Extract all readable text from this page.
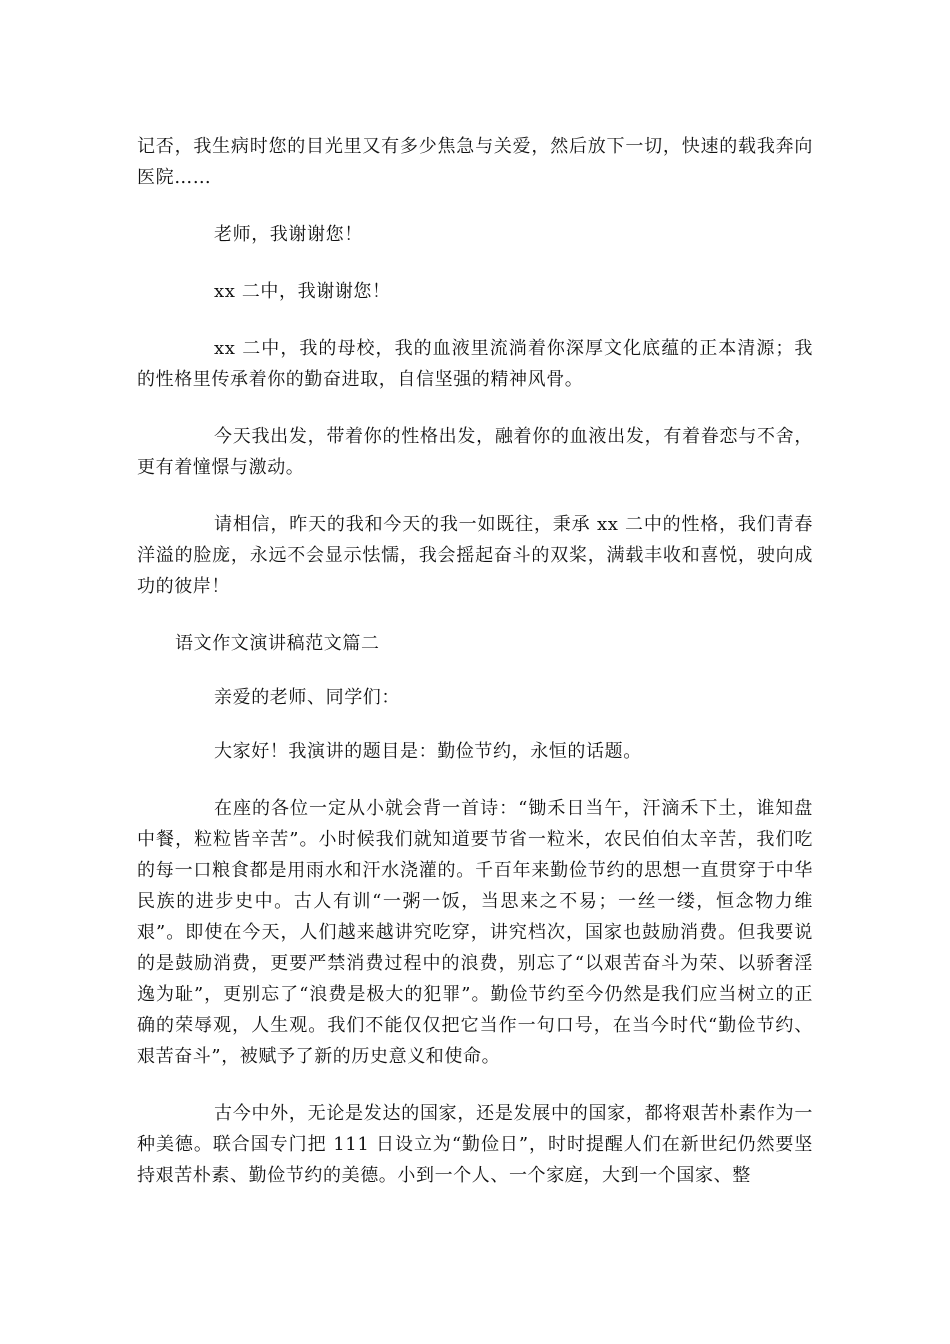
记否，我生病时您的目光里又有多少焦急与关爱，然后放下一切，快速的载我奔向医院……

老师，我谢谢您！

xx 二中，我谢谢您！

xx 二中，我的母校，我的血液里流淌着你深厚文化底蕴的正本清源；我的性格里传承着你的勤奋进取，自信坚强的精神风骨。

今天我出发，带着你的性格出发，融着你的血液出发，有着眷恋与不舍，更有着憧憬与激动。

请相信，昨天的我和今天的我一如既往，秉承 xx 二中的性格，我们青春洋溢的脸庞，永远不会显示怯懦，我会摇起奋斗的双桨，满载丰收和喜悦，驶向成功的彼岸！

语文作文演讲稿范文篇二

亲爱的老师、同学们：

大家好！我演讲的题目是：勤俭节约，永恒的话题。

在座的各位一定从小就会背一首诗：“锄禾日当午，汗滴禾下土，谁知盘中餐，粒粒皆辛苦”。小时候我们就知道要节省一粒米，农民伯伯太辛苦，我们吃的每一口粮食都是用雨水和汗水浇灌的。千百年来勤俭节约的思想一直贯穿于中华民族的进步史中。古人有训“一粥一饭，当思来之不易；一丝一缕，恒念物力维艰”。即使在今天，人们越来越讲究吃穿，讲究档次，国家也鼓励消费。但我要说的是鼓励消费，更要严禁消费过程中的浪费，别忘了“以艰苦奋斗为荣、以骄奢淫逸为耻”，更别忘了“浪费是极大的犯罪”。勤俭节约至今仍然是我们应当树立的正确的荣辱观，人生观。我们不能仅仅把它当作一句口号，在当今时代“勤俭节约、艰苦奋斗”，被赋予了新的历史意义和使命。

古今中外，无论是发达的国家，还是发展中的国家，都将艰苦朴素作为一种美德。联合国专门把 111 日设立为“勤俭日”，时时提醒人们在新世纪仍然要坚持艰苦朴素、勤俭节约的美德。小到一个人、一个家庭，大到一个国家、整
